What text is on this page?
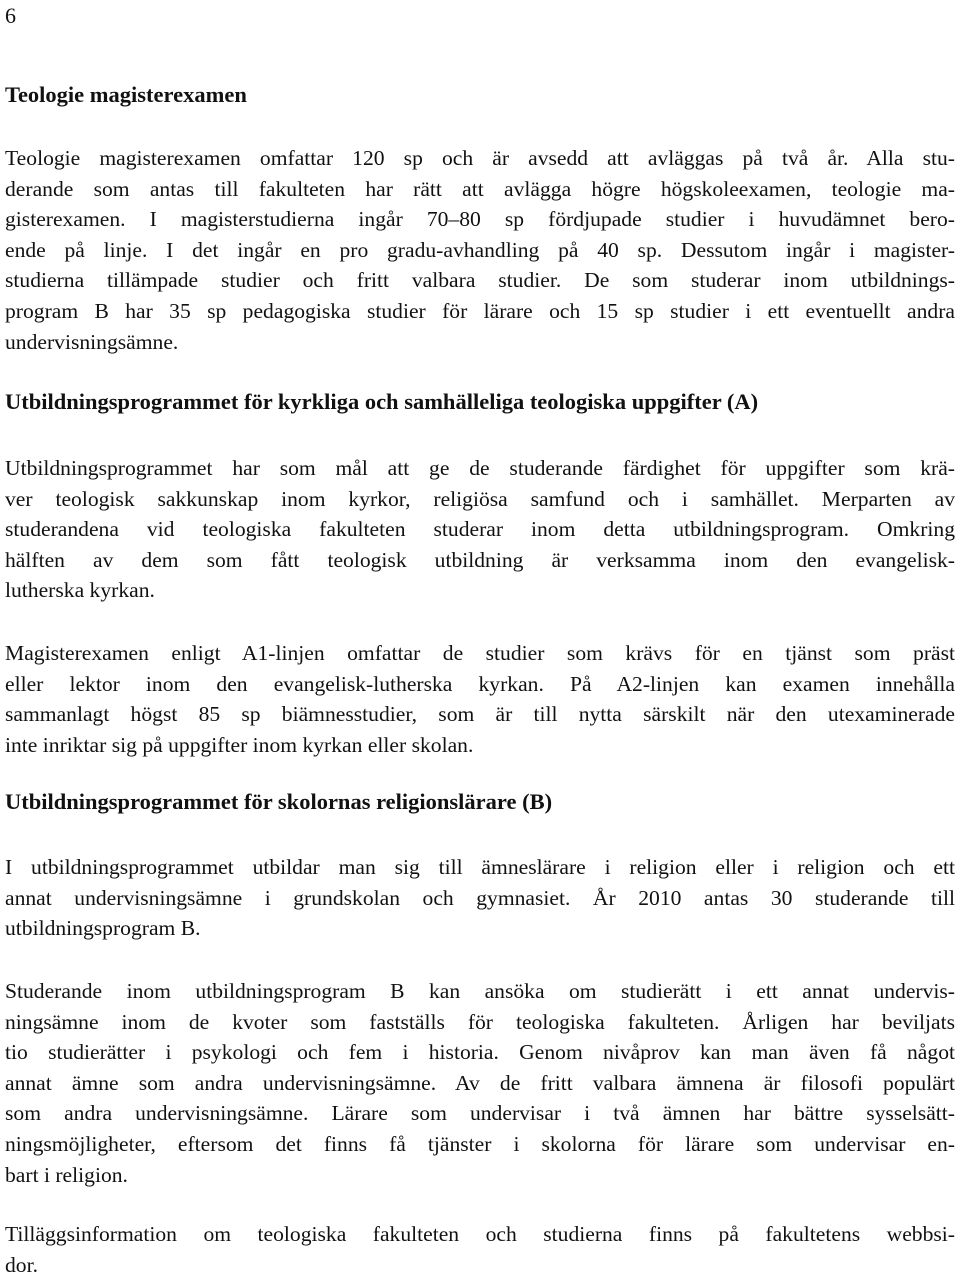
6
Teologie magisterexamen
Teologie magisterexamen omfattar 120 sp och är avsedd att avläggas på två år. Alla stu-
derande som antas till fakulteten har rätt att avlägga högre högskoleexamen, teologie ma-
gisterexamen. I magisterstudierna ingår 70–80 sp fördjupade studier i huvudämnet bero-
ende på linje. I det ingår en pro gradu-avhandling på 40 sp. Dessutom ingår i magister-
studierna tillämpade studier och fritt valbara studier. De som studerar inom utbildnings-
program B har 35 sp pedagogiska studier för lärare och 15 sp studier i ett eventuellt andra
undervisningsämne.
Utbildningsprogrammet för kyrkliga och samhälleliga teologiska uppgifter (A)
Utbildningsprogrammet har som mål att ge de studerande färdighet för uppgifter som krä-
ver teologisk sakkunskap inom kyrkor, religiösa samfund och i samhället. Merparten av
studerandena vid teologiska fakulteten studerar inom detta utbildningsprogram. Omkring
hälften av dem som fått teologisk utbildning är verksamma inom den evangelisk-
lutherska kyrkan.
Magisterexamen enligt A1-linjen omfattar de studier som krävs för en tjänst som präst
eller lektor inom den evangelisk-lutherska kyrkan. På A2-linjen kan examen innehålla
sammanlagt högst 85 sp biämnesstudier, som är till nytta särskilt när den utexaminerade
inte inriktar sig på uppgifter inom kyrkan eller skolan.
Utbildningsprogrammet för skolornas religionslärare (B)
I utbildningsprogrammet utbildar man sig till ämneslärare i religion eller i religion och ett
annat undervisningsämne i grundskolan och gymnasiet. År 2010 antas 30 studerande till
utbildningsprogram B.
Studerande inom utbildningsprogram B kan ansöka om studierätt i ett annat undervis-
ningsämne inom de kvoter som fastställs för teologiska fakulteten. Årligen har beviljats
tio studierätter i psykologi och fem i historia. Genom nivåprov kan man även få något
annat ämne som andra undervisningsämne. Av de fritt valbara ämnena är filosofi populärt
som andra undervisningsämne. Lärare som undervisar i två ämnen har bättre sysselsätt-
ningsmöjligheter, eftersom det finns få tjänster i skolorna för lärare som undervisar en-
bart i religion.
Tilläggsinformation om teologiska fakulteten och studierna finns på fakultetens webbsi-
dor.
